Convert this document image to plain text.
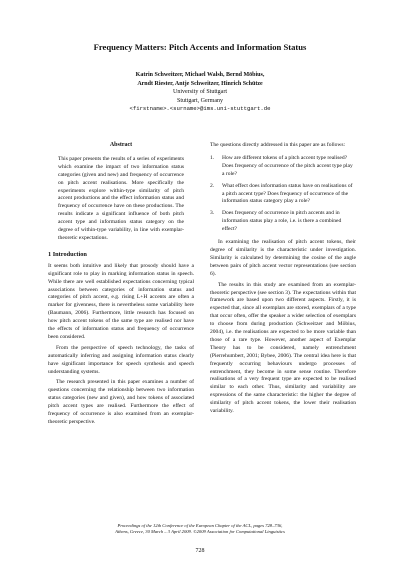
Frequency Matters: Pitch Accents and Information Status
Katrin Schweitzer, Michael Walsh, Bernd Möbius,
Arndt Riester, Antje Schweitzer, Hinrich Schütze
University of Stuttgart
Stuttgart, Germany
<firstname>.<surname>@ims.uni-stuttgart.de
Abstract

This paper presents the results of a series of experiments which examine the impact of two information status categories (given and new) and frequency of occurrence on pitch accent realisations. More specifically the experiments explore within-type similarity of pitch accent productions and the effect information status and frequency of occurrence have on these productions. The results indicate a significant influence of both pitch accent type and information status category on the degree of within-type variability, in line with exemplar-theoretic expectations.

1 Introduction

It seems both intuitive and likely that prosody should have a significant role to play in marking information status in speech. While there are well established expectations concerning typical associations between categories of information status and categories of pitch accent, e.g. rising L+H accents are often a marker for givenness, there is nevertheless some variability here (Baumann, 2006). Furthermore, little research has focused on how pitch accent tokens of the same type are realised nor have the effects of information status and frequency of occurrence been considered.

From the perspective of speech technology, the tasks of automatically inferring and assigning information status clearly have significant importance for speech synthesis and speech understanding systems.

The research presented in this paper examines a number of questions concerning the relationship between two information status categories (new and given), and how tokens of associated pitch accent types are realised. Furthermore the effect of frequency of occurrence is also examined from an exemplar-theoretic perspective.

The questions directly addressed in this paper are as follows:

1. How are different tokens of a pitch accent type realised? Does frequency of occurrence of the pitch accent type play a role?
2. What effect does information status have on realisations of a pitch accent type? Does frequency of occurrence of the information status category play a role?
3. Does frequency of occurrence in pitch accents and in information status play a role, i.e. is there a combined effect?

In examining the realisation of pitch accent tokens, their degree of similarity is the characteristic under investigation. Similarity is calculated by determining the cosine of the angle between pairs of pitch accent vector representations (see section 6).

The results in this study are examined from an exemplar-theoretic perspective (see section 3). The expectations within that framework are based upon two different aspects. Firstly, it is expected that, since all exemplars are stored, exemplars of a type that occur often, offer the speaker a wider selection of exemplars to choose from during production (Schweitzer and Möbius, 2004), i.e. the realisations are expected to be more variable than those of a rare type. However, another aspect of Exemplar Theory has to be considered, namely entrenchment (Pierrehumbert, 2001; Bybee, 2006). The central idea here is that frequently occurring behaviours undergo processes of entrenchment, they become in some sense routine. Therefore realisations of a very frequent type are expected to be realised similar to each other. Thus, similarity and variability are expressions of the same characteristic: the higher the degree of similarity of pitch accent tokens, the lower their realisation variability.

Proceedings of the 12th Conference of the European Chapter of the ACL, pages 728–736,
Athens, Greece, 30 March – 3 April 2009. ©2009 Association for Computational Linguistics
728
